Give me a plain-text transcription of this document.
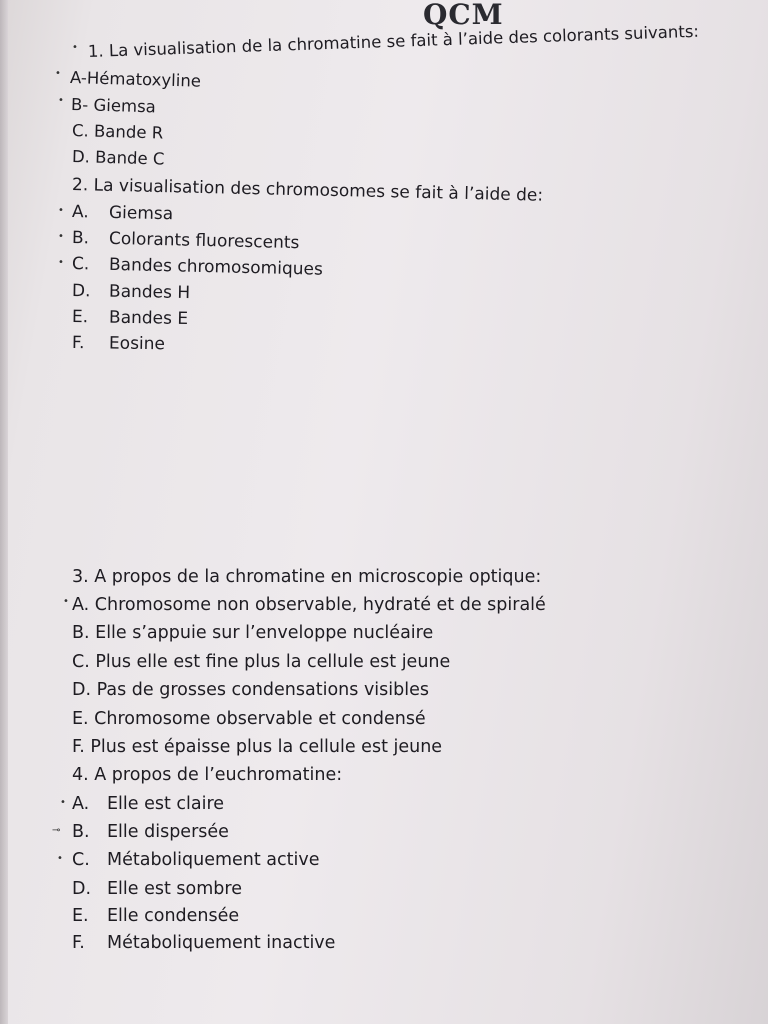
QCM
• 1. La visualisation de la chromatine se fait à l’aide des colorants suivants:
• A-Hématoxyline
• B- Giemsa
C. Bande R
D. Bande C
2. La visualisation des chromosomes se fait à l’aide de:
• A. Giemsa
• B. Colorants fluorescents
• C. Bandes chromosomiques
D. Bandes H
E. Bandes E
F. Eosine
3. A propos de la chromatine en microscopie optique:
• A. Chromosome non observable, hydraté et de spiralé
B. Elle s’appuie sur l’enveloppe nucléaire
C. Plus elle est fine plus la cellule est jeune
D. Pas de grosses condensations visibles
E. Chromosome observable et condensé
F. Plus est épaisse plus la cellule est jeune
4. A propos de l’euchromatine:
• A. Elle est claire
⊸ B. Elle dispersée
• C. Métaboliquement active
D. Elle est sombre
E. Elle condensée
F. Métaboliquement inactive
